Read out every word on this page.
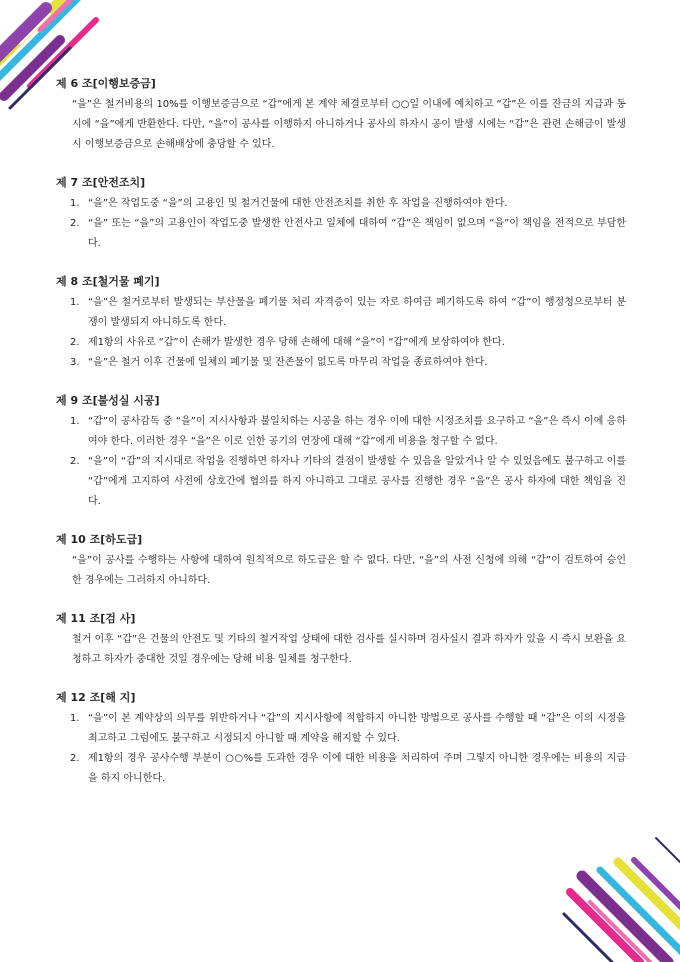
제 6 조[이행보증금]

“을”은 철거비용의 10%를 이행보증금으로 “갑”에게 본 계약 체결로부터 ○○일 이내에 예치하고 “갑”은 이를 잔금의 지급과 동시에 “을”에게 반환한다. 다만, “을”이 공사를 이행하지 아니하거나 공사의 하자시 공이 발생 시에는 “갑”은 관련 손해금이 발생 시 이행보증금으로 손해배상에 충당할 수 있다.

제 7 조[안전조치]
1. “을”은 작업도중 “을”의 고용인 및 철거건물에 대한 안전조치를 취한 후 작업을 진행하여야 한다.
2. “을” 또는 “을”의 고용인이 작업도중 발생한 안전사고 일체에 대하여 “갑”은 책임이 없으며 “을”이 책임을 전적으로 부담한다.
제 8 조[철거물 폐기]
1. “을”은 철거로부터 발생되는 부산물을 폐기물 처리 자격증이 있는 자로 하여금 폐기하도록 하여 “갑”이 행정청으로부터 분쟁이 발생되지 아니하도록 한다.
2. 제1항의 사유로 “갑”이 손해가 발생한 경우 당해 손해에 대해 “을”이 “갑”에게 보상하여야 한다.
3. “을”은 철거 이후 건물에 일체의 폐기물 및 잔존물이 없도록 마무리 작업을 종료하여야 한다.
제 9 조[불성실 시공]
1. “갑”이 공사감독 중 “을”이 지시사항과 불일치하는 시공을 하는 경우 이에 대한 시정조치를 요구하고 “을”은 즉시 이에 응하여야 한다. 이러한 경우 “을”은 이로 인한 공기의 연장에 대해 “갑”에게 비용을 청구할 수 없다.
2. “을”이 “갑”의 지시대로 작업을 진행하면 하자나 기타의 결점이 발생할 수 있음을 알았거나 알 수 있었음에도 불구하고 이를 “갑”에게 고지하여 사전에 상호간에 협의를 하지 아니하고 그대로 공사를 진행한 경우 “을”은 공사 하자에 대한 책임을 진다.
제 10 조[하도급]

“을”이 공사를 수행하는 사항에 대하여 원칙적으로 하도급은 할 수 없다. 다만, “을”의 사전 신청에 의해 “갑”이 검토하여 승인한 경우에는 그러하지 아니하다.

제 11 조[검 사]

철거 이후 “갑”은 건물의 안전도 및 기타의 철거작업 상태에 대한 검사를 실시하며 검사실시 결과 하자가 있을 시 즉시 보완을 요청하고 하자가 중대한 것일 경우에는 당해 비용 일체를 청구한다.

제 12 조[해 지]
1. “을”이 본 계약상의 의무를 위반하거나 “갑”의 지시사항에 적합하지 아니한 방법으로 공사를 수행할 때 “갑”은 이의 시정을 최고하고 그럼에도 불구하고 시정되지 아니할 때 계약을 해지할 수 있다.
2. 제1항의 경우 공사수행 부분이 ○○%를 도과한 경우 이에 대한 비용을 처리하여 주며 그렇지 아니한 경우에는 비용의 지급을 하지 아니한다.
